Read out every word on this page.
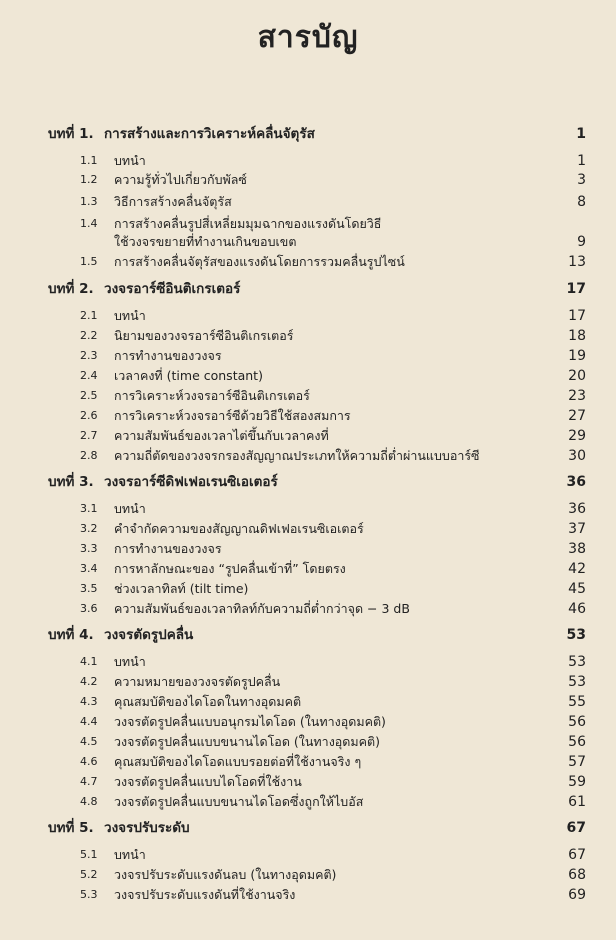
สารบัญ
บทที่ 1. การสร้างและการวิเคราะห์คลื่นจัตุรัส	1
1.1	บทนำ	1
1.2	ความรู้ทั่วไปเกี่ยวกับพัลซ์	3
1.3	วิธีการสร้างคลื่นจัตุรัส	8
1.4	การสร้างคลื่นรูปสี่เหลี่ยมมุมฉากของแรงดันโดยวิธี
ใช้วงจรขยายที่ทำงานเกินขอบเขต	9
1.5	การสร้างคลื่นจัตุรัสของแรงดันโดยการรวมคลื่นรูปไซน์	13
บทที่ 2. วงจรอาร์ซีอินติเกรเตอร์	17
2.1	บทนำ	17
2.2	นิยามของวงจรอาร์ซีอินติเกรเตอร์	18
2.3	การทำงานของวงจร	19
2.4	เวลาคงที่ (time constant)	20
2.5	การวิเคราะห์วงจรอาร์ซีอินติเกรเตอร์	23
2.6	การวิเคราะห์วงจรอาร์ซีด้วยวิธีใช้สองสมการ	27
2.7	ความสัมพันธ์ของเวลาไต่ขึ้นกับเวลาคงที่	29
2.8	ความถี่ตัดของวงจรกรองสัญญาณประเภทให้ความถี่ต่ำผ่านแบบอาร์ซี	30
บทที่ 3. วงจรอาร์ซีดิฟเฟอเรนซิเอเตอร์	36
3.1	บทนำ	36
3.2	คำจำกัดความของสัญญาณดิฟเฟอเรนซิเอเตอร์	37
3.3	การทำงานของวงจร	38
3.4	การหาลักษณะของ “รูปคลื่นเข้าที่” โดยตรง	42
3.5	ช่วงเวลาทิลท์ (tilt time)	45
3.6	ความสัมพันธ์ของเวลาทิลท์กับความถี่ต่ำกว่าจุด − 3 dB	46
บทที่ 4. วงจรตัดรูปคลื่น	53
4.1	บทนำ	53
4.2	ความหมายของวงจรตัดรูปคลื่น	53
4.3	คุณสมบัติของไดโอดในทางอุดมคติ	55
4.4	วงจรตัดรูปคลื่นแบบอนุกรมไดโอด (ในทางอุดมคติ)	56
4.5	วงจรตัดรูปคลื่นแบบขนานไดโอด (ในทางอุดมคติ)	56
4.6	คุณสมบัติของไดโอดแบบรอยต่อที่ใช้งานจริง ๆ	57
4.7	วงจรตัดรูปคลื่นแบบไดโอดที่ใช้งาน	59
4.8	วงจรตัดรูปคลื่นแบบขนานไดโอดซึ่งถูกให้ไบอัส	61
บทที่ 5. วงจรปรับระดับ	67
5.1	บทนำ	67
5.2	วงจรปรับระดับแรงดันลบ (ในทางอุดมคติ)	68
5.3	วงจรปรับระดับแรงดันที่ใช้งานจริง	69
